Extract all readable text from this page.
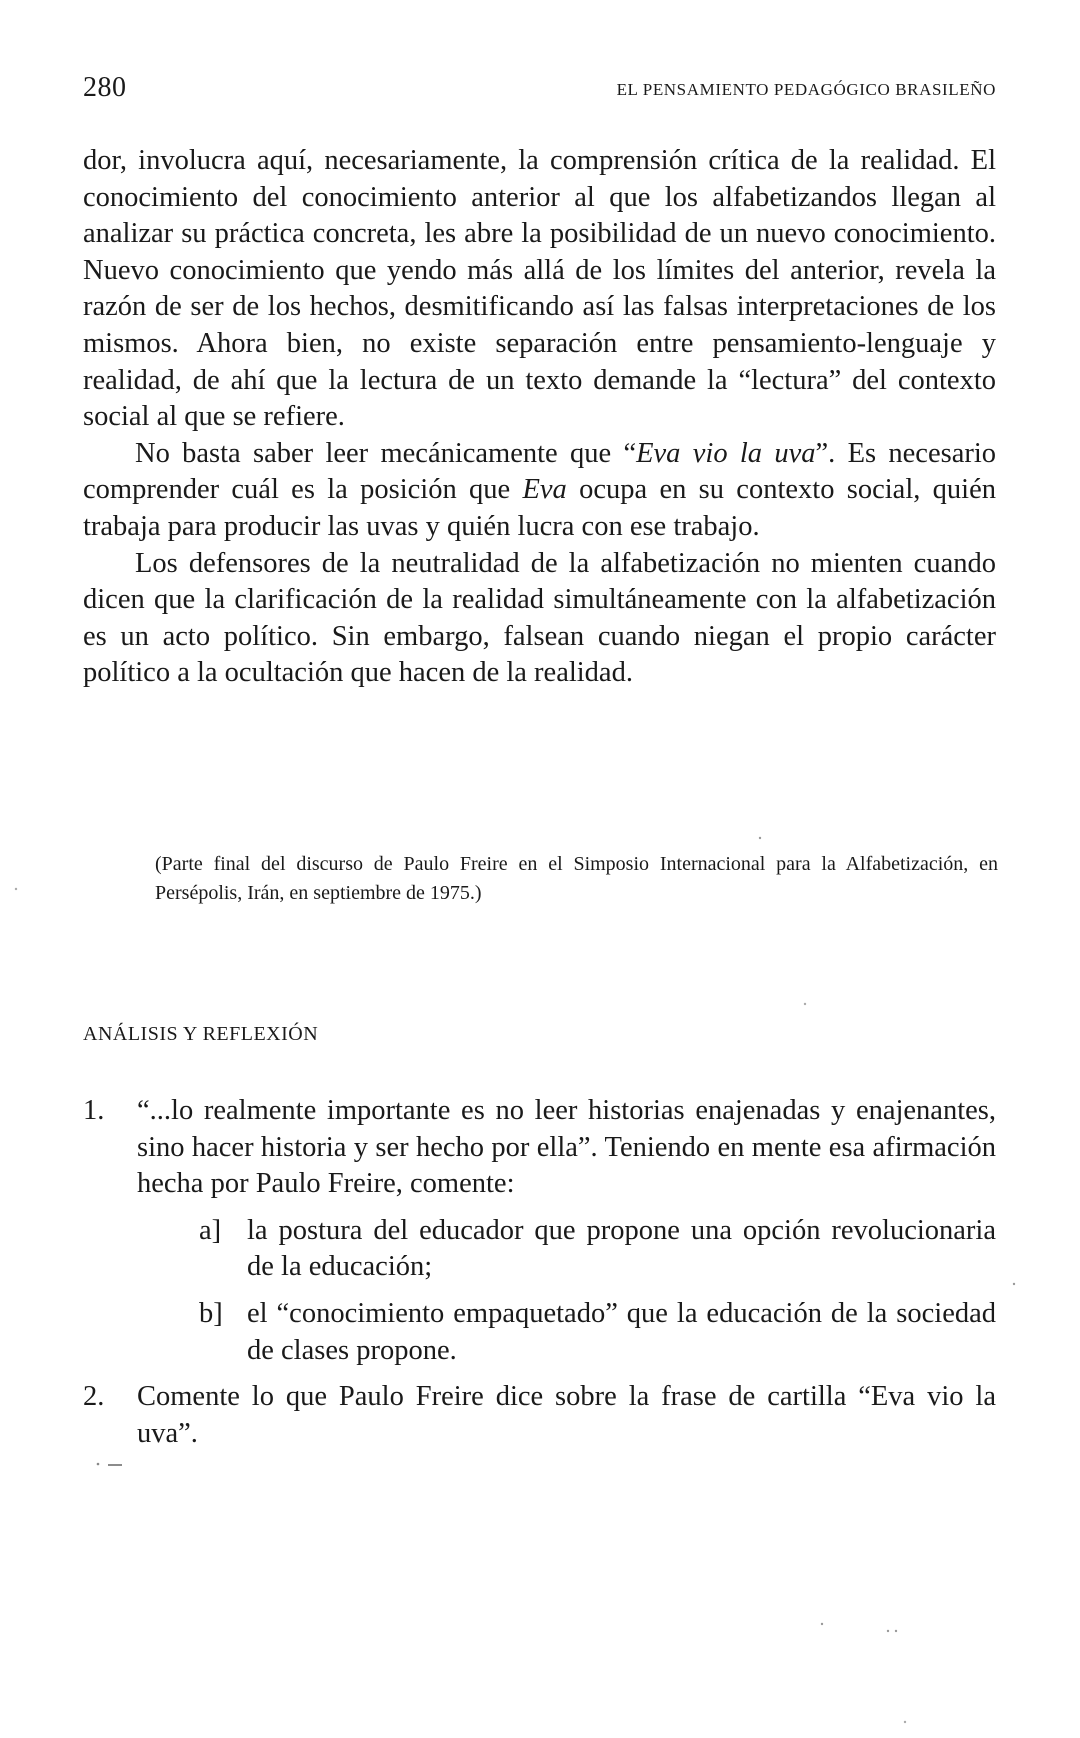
280	EL PENSAMIENTO PEDAGÓGICO BRASILEÑO

dor, involucra aquí, necesariamente, la comprensión crítica de la realidad. El conocimiento del conocimiento anterior al que los alfabetizandos llegan al analizar su práctica concreta, les abre la posibilidad de un nuevo conocimiento. Nuevo conocimiento que yendo más allá de los límites del anterior, revela la razón de ser de los hechos, desmitificando así las falsas interpretaciones de los mismos. Ahora bien, no existe separación entre pensamiento-lenguaje y realidad, de ahí que la lectura de un texto demande la “lectura” del contexto social al que se refiere.

No basta saber leer mecánicamente que “Eva vio la uva”. Es necesario comprender cuál es la posición que Eva ocupa en su contexto social, quién trabaja para producir las uvas y quién lucra con ese trabajo.

Los defensores de la neutralidad de la alfabetización no mienten cuando dicen que la clarificación de la realidad simultáneamente con la alfabetización es un acto político. Sin embargo, falsean cuando niegan el propio carácter político a la ocultación que hacen de la realidad.

(Parte final del discurso de Paulo Freire en el Simposio Internacional para la Alfabetización, en Persépolis, Irán, en septiembre de 1975.)
ANÁLISIS Y REFLEXIÓN
1. “...lo realmente importante es no leer historias enajenadas y enajenantes, sino hacer historia y ser hecho por ella”. Teniendo en mente esa afirmación hecha por Paulo Freire, comente:
a] la postura del educador que propone una opción revolucionaria de la educación;
b] el “conocimiento empaquetado” que la educación de la sociedad de clases propone.
2. Comente lo que Paulo Freire dice sobre la frase de cartilla “Eva vio la uva”.
